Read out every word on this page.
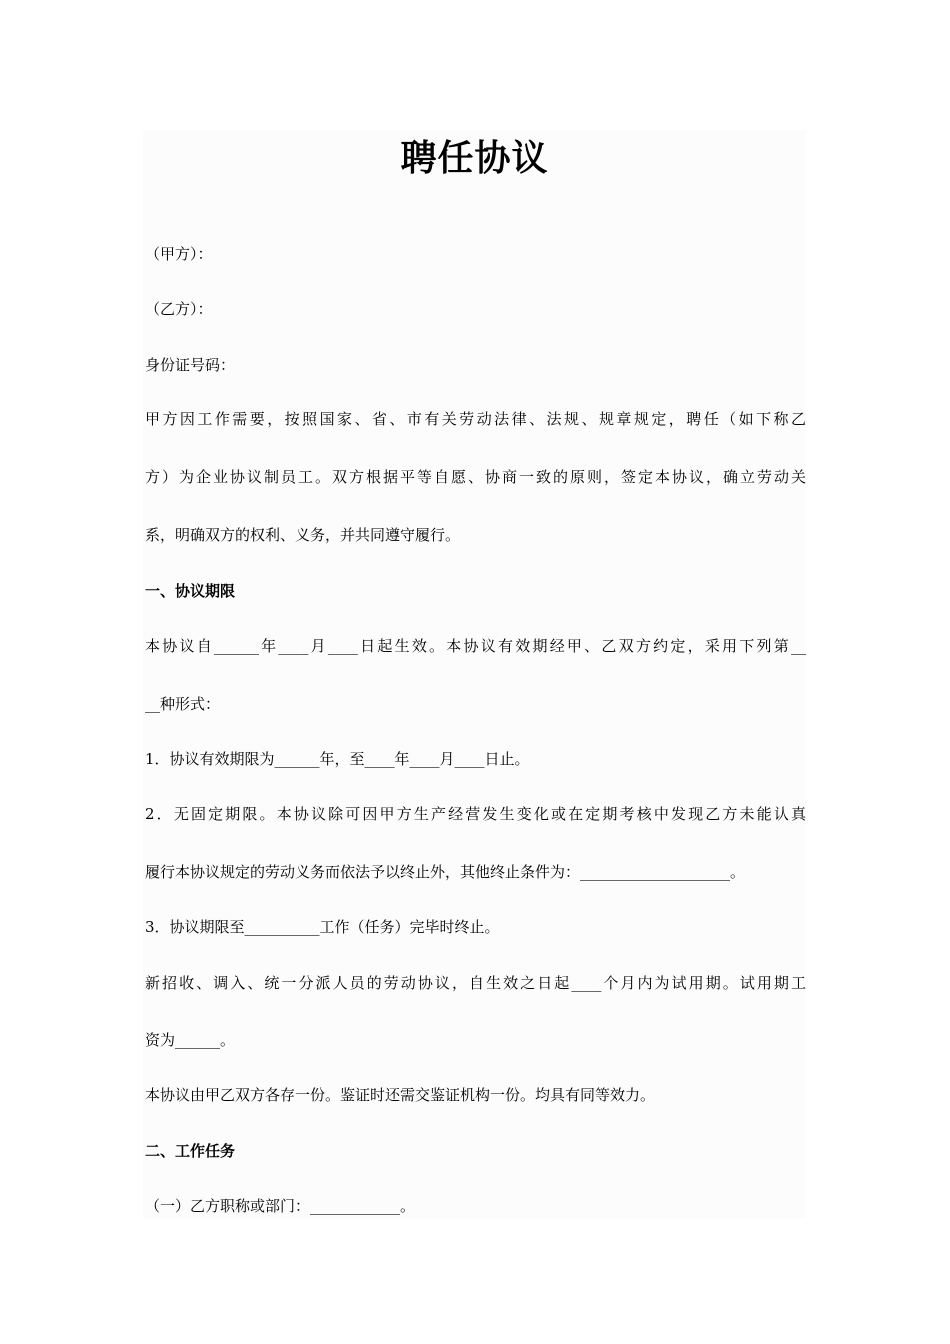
聘任协议
（甲方）：
（乙方）：
身份证号码：
甲方因工作需要，按照国家、省、市有关劳动法律、法规、规章规定，聘任（如下称乙
方）为企业协议制员工。双方根据平等自愿、协商一致的原则，签定本协议，确立劳动关
系，明确双方的权利、义务，并共同遵守履行。
一、协议期限
本协议自______年____月____日起生效。本协议有效期经甲、乙双方约定，采用下列第__
__种形式：
1．协议有效期限为______年，至____年____月____日止。
2．无固定期限。本协议除可因甲方生产经营发生变化或在定期考核中发现乙方未能认真
履行本协议规定的劳动义务而依法予以终止外，其他终止条件为：____________________。
3．协议期限至__________工作（任务）完毕时终止。
新招收、调入、统一分派人员的劳动协议，自生效之日起____个月内为试用期。试用期工
资为______。
本协议由甲乙双方各存一份。鉴证时还需交鉴证机构一份。均具有同等效力。
二、工作任务
（一）乙方职称或部门：____________。
